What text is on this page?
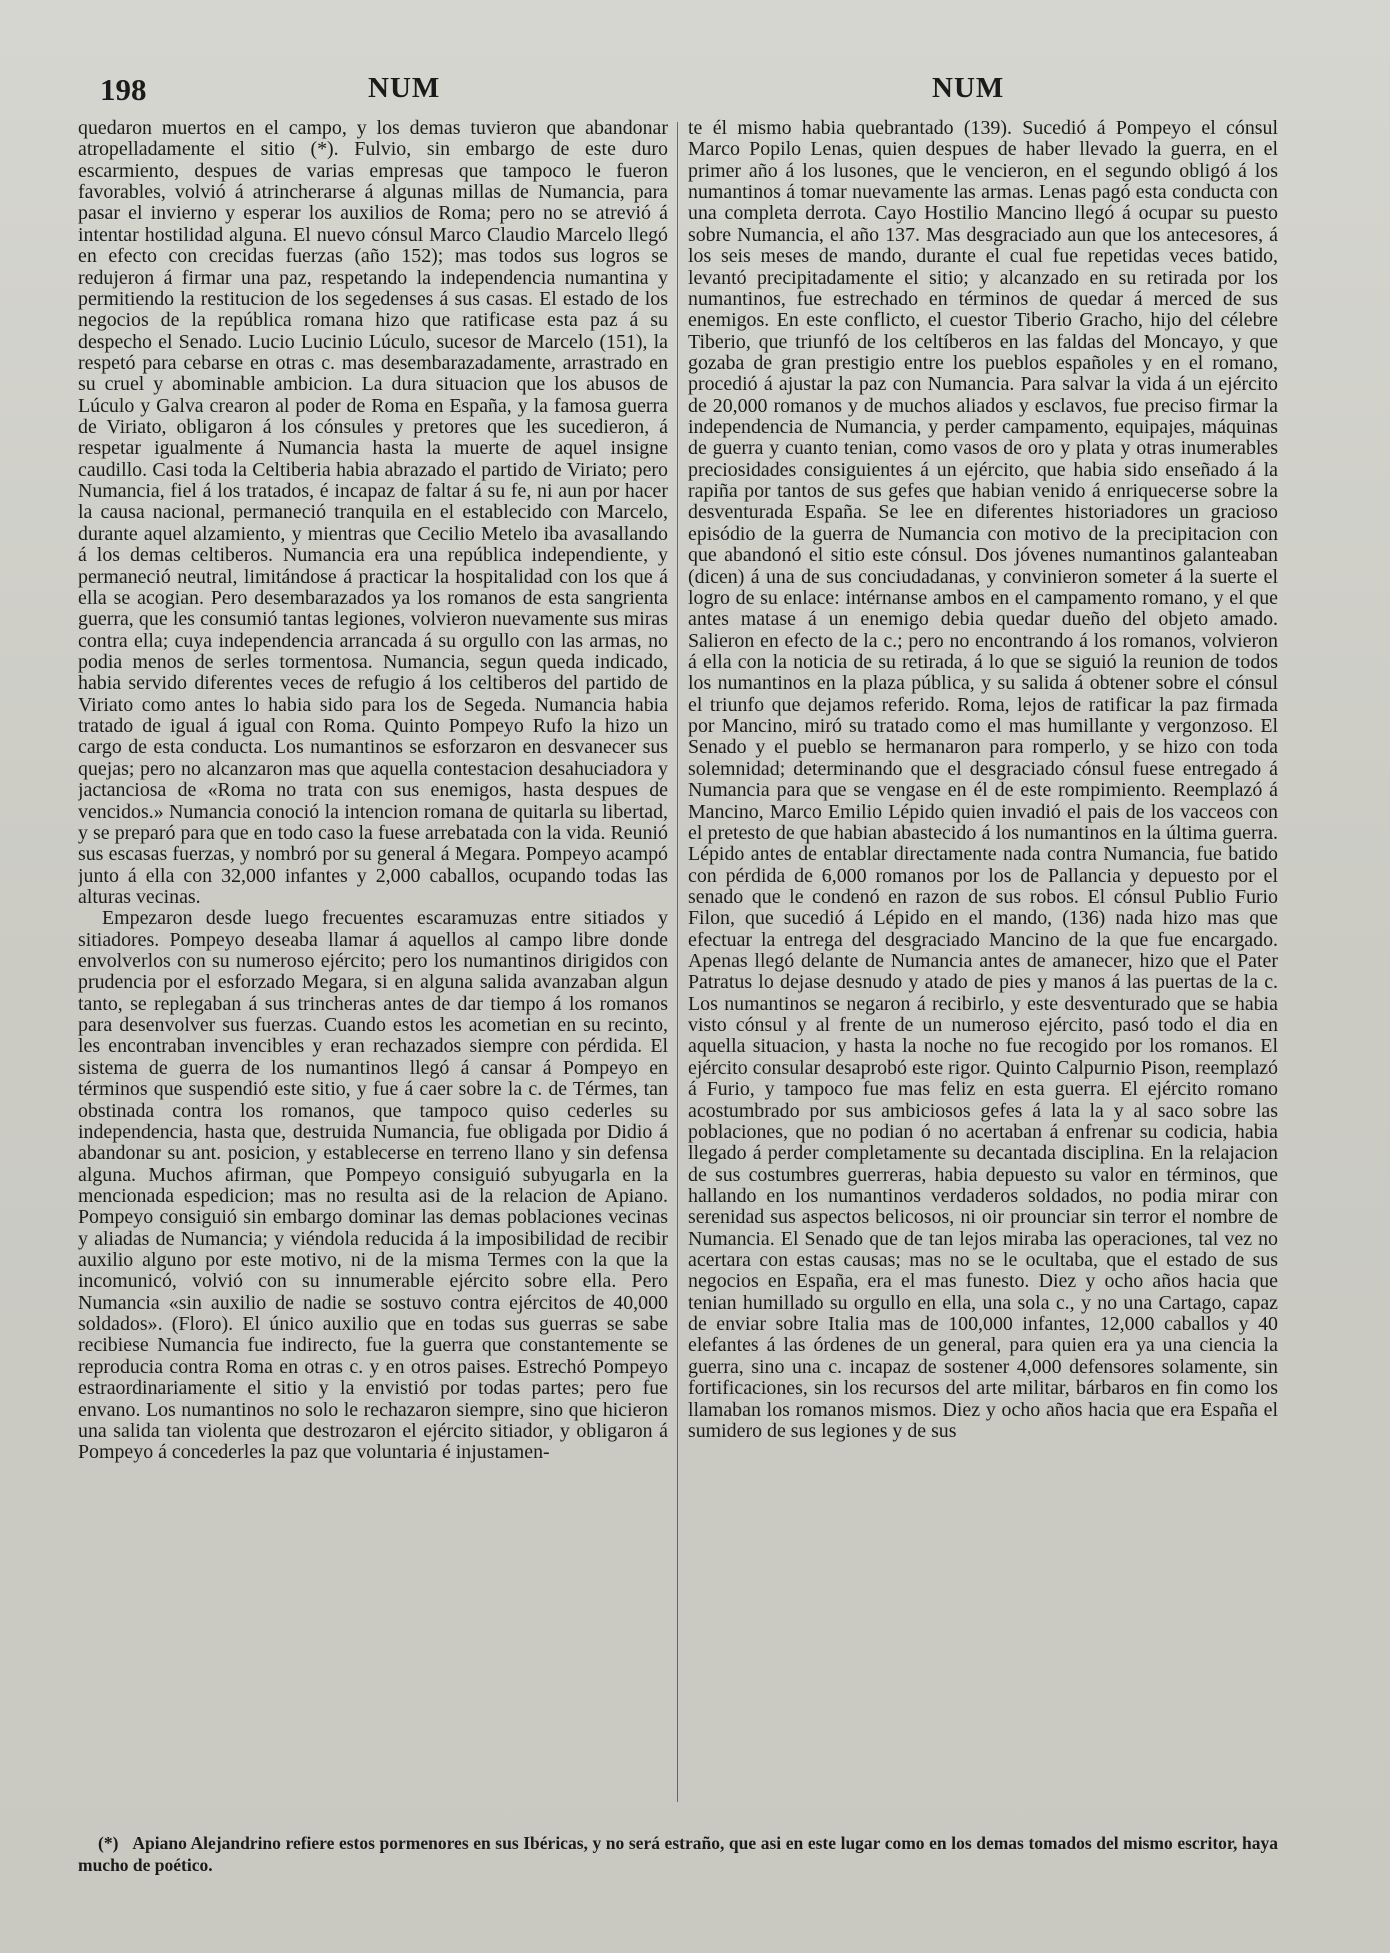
198	NUM	NUM

quedaron muertos en el campo, y los demas tuvieron que abandonar atropelladamente el sitio (*). Fulvio, sin embargo de este duro escarmiento, despues de varias empresas que tampoco le fueron favorables, volvió á atrincherarse á algunas millas de Numancia, para pasar el invierno y esperar los auxilios de Roma; pero no se atrevió á intentar hostilidad alguna. El nuevo cónsul Marco Claudio Marcelo llegó en efecto con crecidas fuerzas (año 152); mas todos sus logros se redujeron á firmar una paz, respetando la independencia numantina y permitiendo la restitucion de los segedenses á sus casas. El estado de los negocios de la república romana hizo que ratificase esta paz á su despecho el Senado. Lucio Lucinio Lúculo, sucesor de Marcelo (151), la respetó para cebarse en otras c. mas desembarazadamente, arrastrado en su cruel y abominable ambicion. La dura situacion que los abusos de Lúculo y Galva crearon al poder de Roma en España, y la famosa guerra de Viriato, obligaron á los cónsules y pretores que les sucedieron, á respetar igualmente á Numancia hasta la muerte de aquel insigne caudillo. Casi toda la Celtiberia habia abrazado el partido de Viriato; pero Numancia, fiel á los tratados, é incapaz de faltar á su fe, ni aun por hacer la causa nacional, permaneció tranquila en el establecido con Marcelo, durante aquel alzamiento, y mientras que Cecilio Metelo iba avasallando á los demas celtiberos. Numancia era una república independiente, y permaneció neutral, limitándose á practicar la hospitalidad con los que á ella se acogian. Pero desembarazados ya los romanos de esta sangrienta guerra, que les consumió tantas legiones, volvieron nuevamente sus miras contra ella; cuya independencia arrancada á su orgullo con las armas, no podia menos de serles tormentosa. Numancia, segun queda indicado, habia servido diferentes veces de refugio á los celtiberos del partido de Viriato como antes lo habia sido para los de Segeda. Numancia habia tratado de igual á igual con Roma. Quinto Pompeyo Rufo la hizo un cargo de esta conducta. Los numantinos se esforzaron en desvanecer sus quejas; pero no alcanzaron mas que aquella contestacion desahuciadora y jactanciosa de «Roma no trata con sus enemigos, hasta despues de vencidos.» Numancia conoció la intencion romana de quitarla su libertad, y se preparó para que en todo caso la fuese arrebatada con la vida. Reunió sus escasas fuerzas, y nombró por su general á Megara. Pompeyo acampó junto á ella con 32,000 infantes y 2,000 caballos, ocupando todas las alturas vecinas.

Empezaron desde luego frecuentes escaramuzas entre sitiados y sitiadores. Pompeyo deseaba llamar á aquellos al campo libre donde envolverlos con su numeroso ejército; pero los numantinos dirigidos con prudencia por el esforzado Megara, si en alguna salida avanzaban algun tanto, se replegaban á sus trincheras antes de dar tiempo á los romanos para desenvolver sus fuerzas. Cuando estos les acometian en su recinto, les encontraban invencibles y eran rechazados siempre con pérdida. El sistema de guerra de los numantinos llegó á cansar á Pompeyo en términos que suspendió este sitio, y fue á caer sobre la c. de Térmes, tan obstinada contra los romanos, que tampoco quiso cederles su independencia, hasta que, destruida Numancia, fue obligada por Didio á abandonar su ant. posicion, y establecerse en terreno llano y sin defensa alguna. Muchos afirman, que Pompeyo consiguió subyugarla en la mencionada espedicion; mas no resulta asi de la relacion de Apiano. Pompeyo consiguió sin embargo dominar las demas poblaciones vecinas y aliadas de Numancia; y viéndola reducida á la imposibilidad de recibir auxilio alguno por este motivo, ni de la misma Termes con la que la incomunicó, volvió con su innumerable ejército sobre ella. Pero Numancia «sin auxilio de nadie se sostuvo contra ejércitos de 40,000 soldados». (Floro). El único auxilio que en todas sus guerras se sabe recibiese Numancia fue indirecto, fue la guerra que constantemente se reproducia contra Roma en otras c. y en otros paises. Estrechó Pompeyo estraordinariamente el sitio y la envistió por todas partes; pero fue envano. Los numantinos no solo le rechazaron siempre, sino que hicieron una salida tan violenta que destrozaron el ejército sitiador, y obligaron á Pompeyo á concederles la paz que voluntaria é injustamen-

te él mismo habia quebrantado (139). Sucedió á Pompeyo el cónsul Marco Popilo Lenas, quien despues de haber llevado la guerra, en el primer año á los lusones, que le vencieron, en el segundo obligó á los numantinos á tomar nuevamente las armas. Lenas pagó esta conducta con una completa derrota. Cayo Hostilio Mancino llegó á ocupar su puesto sobre Numancia, el año 137. Mas desgraciado aun que los antecesores, á los seis meses de mando, durante el cual fue repetidas veces batido, levantó precipitadamente el sitio; y alcanzado en su retirada por los numantinos, fue estrechado en términos de quedar á merced de sus enemigos. En este conflicto, el cuestor Tiberio Gracho, hijo del célebre Tiberio, que triunfó de los celtíberos en las faldas del Moncayo, y que gozaba de gran prestigio entre los pueblos españoles y en el romano, procedió á ajustar la paz con Numancia. Para salvar la vida á un ejército de 20,000 romanos y de muchos aliados y esclavos, fue preciso firmar la independencia de Numancia, y perder campamento, equipajes, máquinas de guerra y cuanto tenian, como vasos de oro y plata y otras inumerables preciosidades consiguientes á un ejército, que habia sido enseñado á la rapiña por tantos de sus gefes que habian venido á enriquecerse sobre la desventurada España. Se lee en diferentes historiadores un gracioso episódio de la guerra de Numancia con motivo de la precipitacion con que abandonó el sitio este cónsul. Dos jóvenes numantinos galanteaban (dicen) á una de sus conciudadanas, y convinieron someter á la suerte el logro de su enlace: intérnanse ambos en el campamento romano, y el que antes matase á un enemigo debia quedar dueño del objeto amado. Salieron en efecto de la c.; pero no encontrando á los romanos, volvieron á ella con la noticia de su retirada, á lo que se siguió la reunion de todos los numantinos en la plaza pública, y su salida á obtener sobre el cónsul el triunfo que dejamos referido. Roma, lejos de ratificar la paz firmada por Mancino, miró su tratado como el mas humillante y vergonzoso. El Senado y el pueblo se hermanaron para romperlo, y se hizo con toda solemnidad; determinando que el desgraciado cónsul fuese entregado á Numancia para que se vengase en él de este rompimiento. Reemplazó á Mancino, Marco Emilio Lépido quien invadió el pais de los vacceos con el pretesto de que habian abastecido á los numantinos en la última guerra. Lépido antes de entablar directamente nada contra Numancia, fue batido con pérdida de 6,000 romanos por los de Pallancia y depuesto por el senado que le condenó en razon de sus robos. El cónsul Publio Furio Filon, que sucedió á Lépido en el mando, (136) nada hizo mas que efectuar la entrega del desgraciado Mancino de la que fue encargado. Apenas llegó delante de Numancia antes de amanecer, hizo que el Pater Patratus lo dejase desnudo y atado de pies y manos á las puertas de la c. Los numantinos se negaron á recibirlo, y este desventurado que se habia visto cónsul y al frente de un numeroso ejército, pasó todo el dia en aquella situacion, y hasta la noche no fue recogido por los romanos. El ejército consular desaprobó este rigor. Quinto Calpurnio Pison, reemplazó á Furio, y tampoco fue mas feliz en esta guerra. El ejército romano acostumbrado por sus ambiciosos gefes á lata la y al saco sobre las poblaciones, que no podian ó no acertaban á enfrenar su codicia, habia llegado á perder completamente su decantada disciplina. En la relajacion de sus costumbres guerreras, habia depuesto su valor en términos, que hallando en los numantinos verdaderos soldados, no podia mirar con serenidad sus aspectos belicosos, ni oir prounciar sin terror el nombre de Numancia. El Senado que de tan lejos miraba las operaciones, tal vez no acertara con estas causas; mas no se le ocultaba, que el estado de sus negocios en España, era el mas funesto. Diez y ocho años hacia que tenian humillado su orgullo en ella, una sola c., y no una Cartago, capaz de enviar sobre Italia mas de 100,000 infantes, 12,000 caballos y 40 elefantes á las órdenes de un general, para quien era ya una ciencia la guerra, sino una c. incapaz de sostener 4,000 defensores solamente, sin fortificaciones, sin los recursos del arte militar, bárbaros en fin como los llamaban los romanos mismos. Diez y ocho años hacia que era España el sumidero de sus legiones y de sus

(*) Apiano Alejandrino refiere estos pormenores en sus Ibéricas, y no será estraño, que asi en este lugar como en los demas tomados del mismo escritor, haya mucho de poético.
